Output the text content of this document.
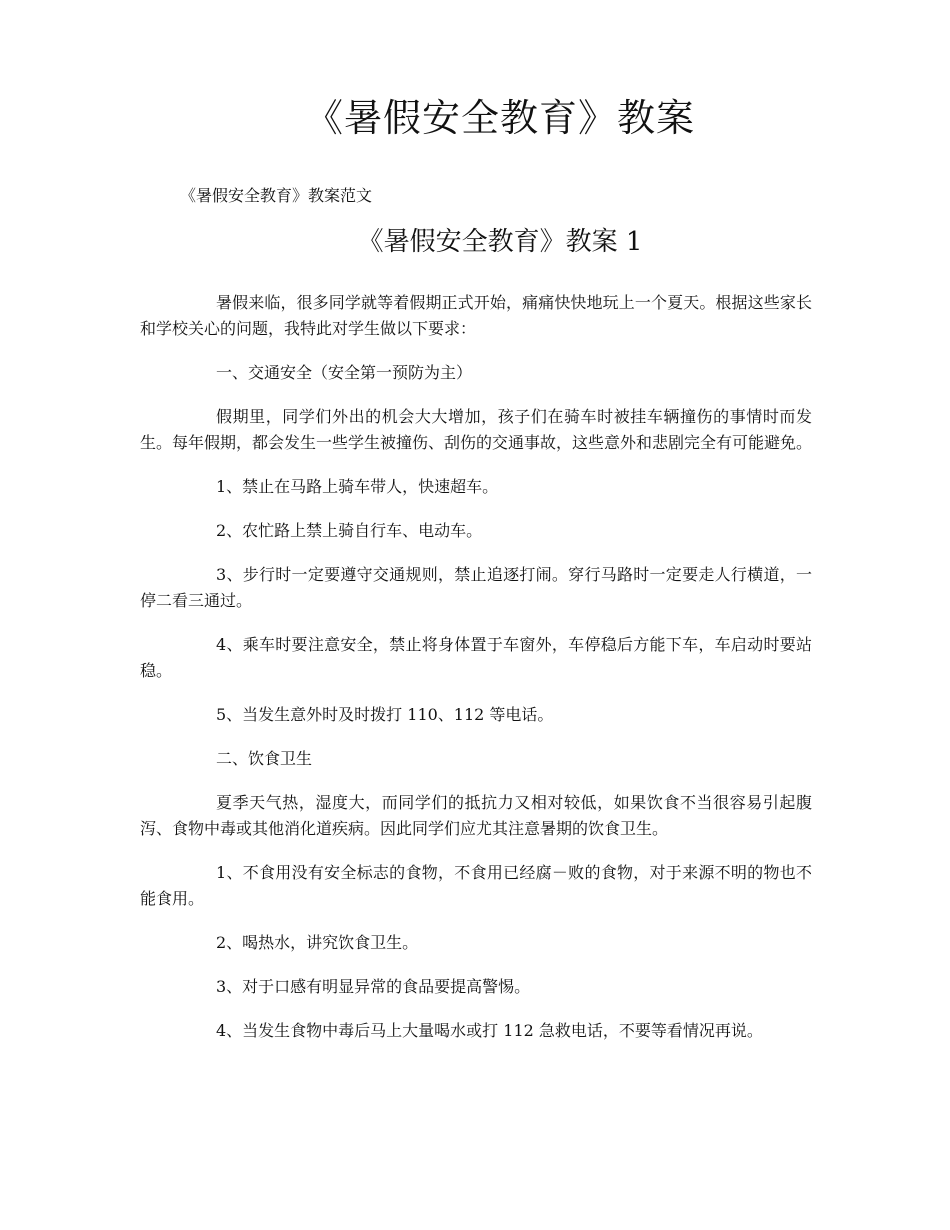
《暑假安全教育》教案

《暑假安全教育》教案范文

《暑假安全教育》教案 1

暑假来临，很多同学就等着假期正式开始，痛痛快快地玩上一个夏天。根据这些家长和学校关心的问题，我特此对学生做以下要求：

一、交通安全（安全第一预防为主）

假期里，同学们外出的机会大大增加，孩子们在骑车时被挂车辆撞伤的事情时而发生。每年假期，都会发生一些学生被撞伤、刮伤的交通事故，这些意外和悲剧完全有可能避免。

1、禁止在马路上骑车带人，快速超车。

2、农忙路上禁上骑自行车、电动车。

3、步行时一定要遵守交通规则，禁止追逐打闹。穿行马路时一定要走人行横道，一停二看三通过。

4、乘车时要注意安全，禁止将身体置于车窗外，车停稳后方能下车，车启动时要站稳。

5、当发生意外时及时拨打 110、112 等电话。

二、饮食卫生

夏季天气热，湿度大，而同学们的抵抗力又相对较低，如果饮食不当很容易引起腹泻、食物中毒或其他消化道疾病。因此同学们应尤其注意暑期的饮食卫生。

1、不食用没有安全标志的食物，不食用已经腐－败的食物，对于来源不明的物也不能食用。

2、喝热水，讲究饮食卫生。

3、对于口感有明显异常的食品要提高警惕。

4、当发生食物中毒后马上大量喝水或打 112 急救电话，不要等看情况再说。
